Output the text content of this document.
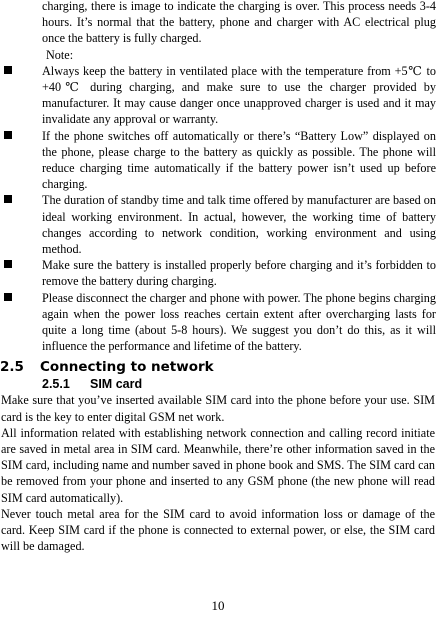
charging, there is image to indicate the charging is over. This process needs 3-4 hours. It’s normal that the battery, phone and charger with AC electrical plug once the battery is fully charged.

Note:

Always keep the battery in ventilated place with the temperature from +5℃ to +40℃ during charging, and make sure to use the charger provided by manufacturer. It may cause danger once unapproved charger is used and it may invalidate any approval or warranty.
If the phone switches off automatically or there’s “Battery Low” displayed on the phone, please charge to the battery as quickly as possible. The phone will reduce charging time automatically if the battery power isn’t used up before charging.
The duration of standby time and talk time offered by manufacturer are based on ideal working environment. In actual, however, the working time of battery changes according to network condition, working environment and using method.
Make sure the battery is installed properly before charging and it’s forbidden to remove the battery during charging.
Please disconnect the charger and phone with power. The phone begins charging again when the power loss reaches certain extent after overcharging lasts for quite a long time (about 5-8 hours). We suggest you don’t do this, as it will influence the performance and lifetime of the battery.
2.5 Connecting to network
2.5.1 SIM card

Make sure that you’ve inserted available SIM card into the phone before your use. SIM card is the key to enter digital GSM net work.

All information related with establishing network connection and calling record initiate are saved in metal area in SIM card. Meanwhile, there’re other information saved in the SIM card, including name and number saved in phone book and SMS. The SIM card can be removed from your phone and inserted to any GSM phone (the new phone will read SIM card automatically).

Never touch metal area for the SIM card to avoid information loss or damage of the card. Keep SIM card if the phone is connected to external power, or else, the SIM card will be damaged.

10
